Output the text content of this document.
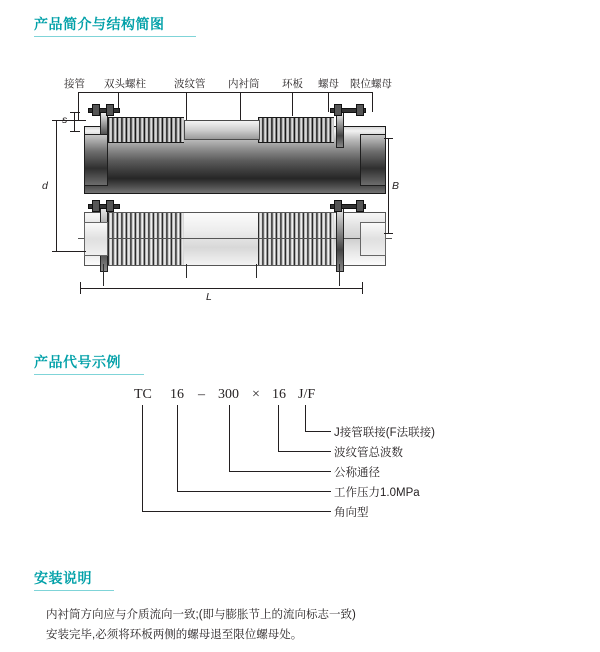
产品简介与结构简图
接管 双头螺柱	波纹管 内衬筒 环板 螺母 限位螺母
d	B
L
产品代号示例
TC 16 – 300 × 16 J/F
J接管联接(F法联接)
波纹管总波数
公称通径
工作压力1.0MPa
角向型
安装说明
内衬筒方向应与介质流向一致;(即与膨胀节上的流向标志一致)
安装完毕,必须将环板两侧的螺母退至限位螺母处。
